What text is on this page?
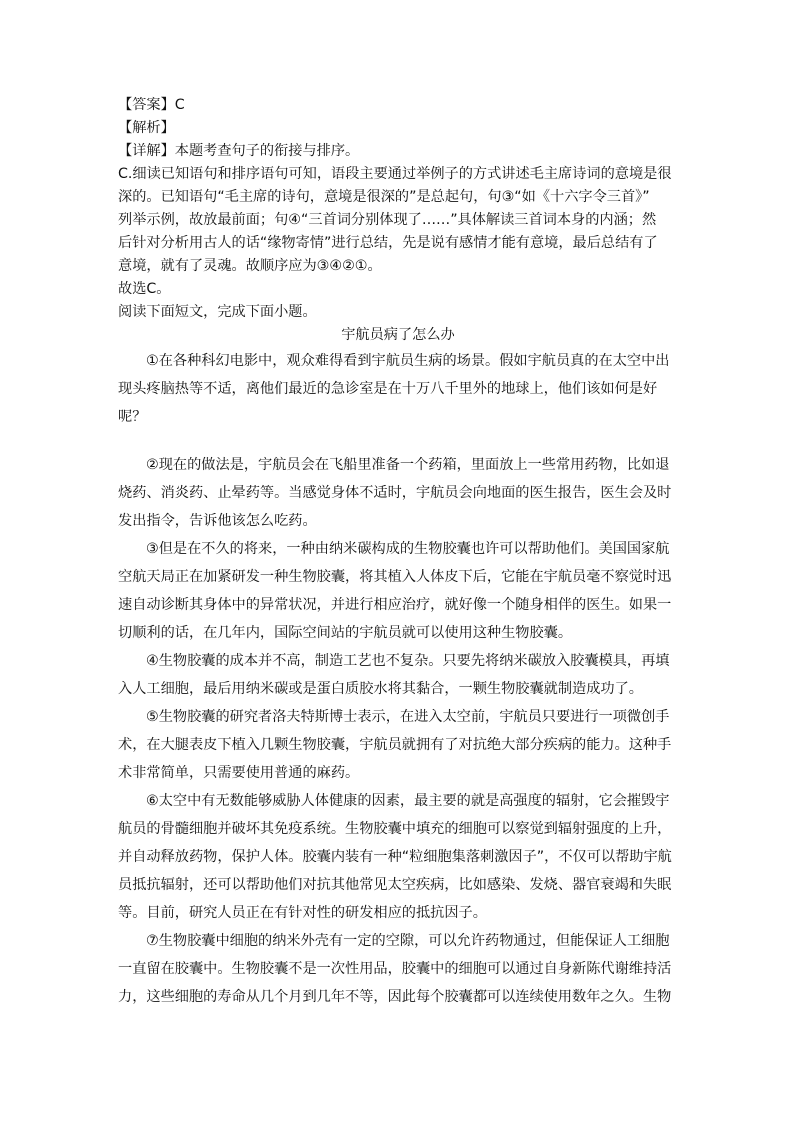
【答案】C

【解析】

【详解】本题考查句子的衔接与排序。

C.细读已知语句和排序语句可知，语段主要通过举例子的方式讲述毛主席诗词的意境是很

深的。已知语句“毛主席的诗句，意境是很深的”是总起句，句③“如《十六字令三首》”

列举示例，故放最前面；句④“三首词分别体现了……”具体解读三首词本身的内涵；然

后针对分析用古人的话“缘物寄情”进行总结，先是说有感情才能有意境，最后总结有了

意境，就有了灵魂。故顺序应为③④②①。

故选C。

阅读下面短文，完成下面小题。

宇航员病了怎么办

①在各种科幻电影中，观众难得看到宇航员生病的场景。假如宇航员真的在太空中出现头疼脑热等不适，离他们最近的急诊室是在十万八千里外的地球上，他们该如何是好呢？

②现在的做法是，宇航员会在飞船里准备一个药箱，里面放上一些常用药物，比如退烧药、消炎药、止晕药等。当感觉身体不适时，宇航员会向地面的医生报告，医生会及时发出指令，告诉他该怎么吃药。

③但是在不久的将来，一种由纳米碳构成的生物胶囊也许可以帮助他们。美国国家航空航天局正在加紧研发一种生物胶囊，将其植入人体皮下后，它能在宇航员毫不察觉时迅速自动诊断其身体中的异常状况，并进行相应治疗，就好像一个随身相伴的医生。如果一切顺利的话，在几年内，国际空间站的宇航员就可以使用这种生物胶囊。

④生物胶囊的成本并不高，制造工艺也不复杂。只要先将纳米碳放入胶囊模具，再填入人工细胞，最后用纳米碳或是蛋白质胶水将其黏合，一颗生物胶囊就制造成功了。

⑤生物胶囊的研究者洛夫特斯博士表示，在进入太空前，宇航员只要进行一项微创手术，在大腿表皮下植入几颗生物胶囊，宇航员就拥有了对抗绝大部分疾病的能力。这种手术非常简单，只需要使用普通的麻药。

⑥太空中有无数能够威胁人体健康的因素，最主要的就是高强度的辐射，它会摧毁宇航员的骨髓细胞并破坏其免疫系统。生物胶囊中填充的细胞可以察觉到辐射强度的上升，并自动释放药物，保护人体。胶囊内装有一种“粒细胞集落刺激因子”，不仅可以帮助宇航员抵抗辐射，还可以帮助他们对抗其他常见太空疾病，比如感染、发烧、器官衰竭和失眠等。目前，研究人员正在有针对性的研发相应的抵抗因子。

⑦生物胶囊中细胞的纳米外壳有一定的空隙，可以允许药物通过，但能保证人工细胞一直留在胶囊中。生物胶囊不是一次性用品，胶囊中的细胞可以通过自身新陈代谢维持活力，这些细胞的寿命从几个月到几年不等，因此每个胶囊都可以连续使用数年之久。生物
